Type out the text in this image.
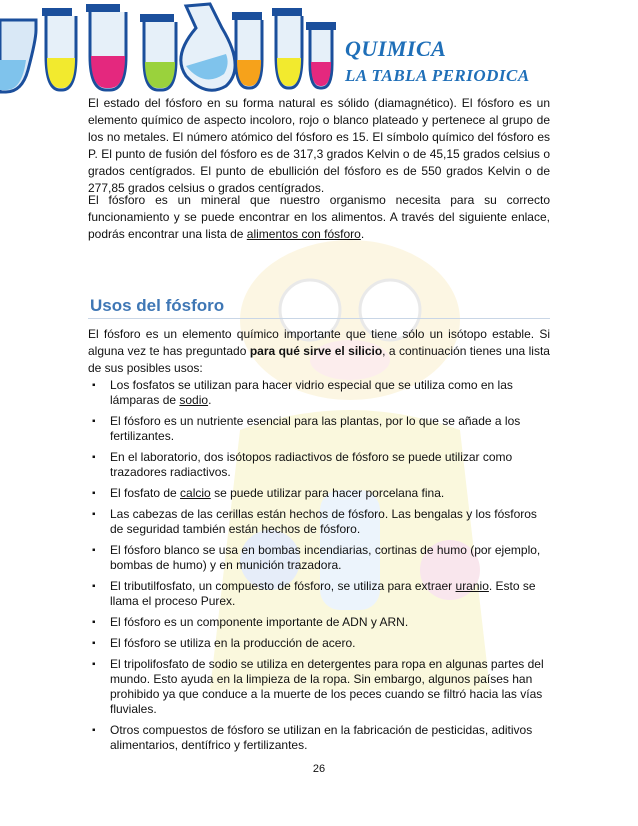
QUIMICA
LA TABLA PERIODICA

El estado del fósforo en su forma natural es sólido (diamagnético). El fósforo es un elemento químico de aspecto incoloro, rojo o blanco plateado y pertenece al grupo de los no metales. El número atómico del fósforo es 15. El símbolo químico del fósforo es P. El punto de fusión del fósforo es de 317,3 grados Kelvin o de 45,15 grados celsius o grados centígrados. El punto de ebullición del fósforo es de 550 grados Kelvin o de 277,85 grados celsius o grados centígrados.

El fósforo es un mineral que nuestro organismo necesita para su correcto funcionamiento y se puede encontrar en los alimentos. A través del siguiente enlace, podrás encontrar una lista de alimentos con fósforo.

Usos del fósforo

El fósforo es un elemento químico importante que tiene sólo un isótopo estable. Si alguna vez te has preguntado para qué sirve el silicio, a continuación tienes una lista de sus posibles usos:

▪ Los fosfatos se utilizan para hacer vidrio especial que se utiliza como en las lámparas de sodio.
▪ El fósforo es un nutriente esencial para las plantas, por lo que se añade a los fertilizantes.
▪ En el laboratorio, dos isótopos radiactivos de fósforo se puede utilizar como trazadores radiactivos.
▪ El fosfato de calcio se puede utilizar para hacer porcelana fina.
▪ Las cabezas de las cerillas están hechos de fósforo. Las bengalas y los fósforos de seguridad también están hechos de fósforo.
▪ El fósforo blanco se usa en bombas incendiarias, cortinas de humo (por ejemplo, bombas de humo) y en munición trazadora.
▪ El tributilfosfato, un compuesto de fósforo, se utiliza para extraer uranio. Esto se llama el proceso Purex.
▪ El fósforo es un componente importante de ADN y ARN.
▪ El fósforo se utiliza en la producción de acero.
▪ El tripolifosfato de sodio se utiliza en detergentes para ropa en algunas partes del mundo. Esto ayuda en la limpieza de la ropa. Sin embargo, algunos países han prohibido ya que conduce a la muerte de los peces cuando se filtró hacia las vías fluviales.
▪ Otros compuestos de fósforo se utilizan en la fabricación de pesticidas, aditivos alimentarios, dentífrico y fertilizantes.
26
